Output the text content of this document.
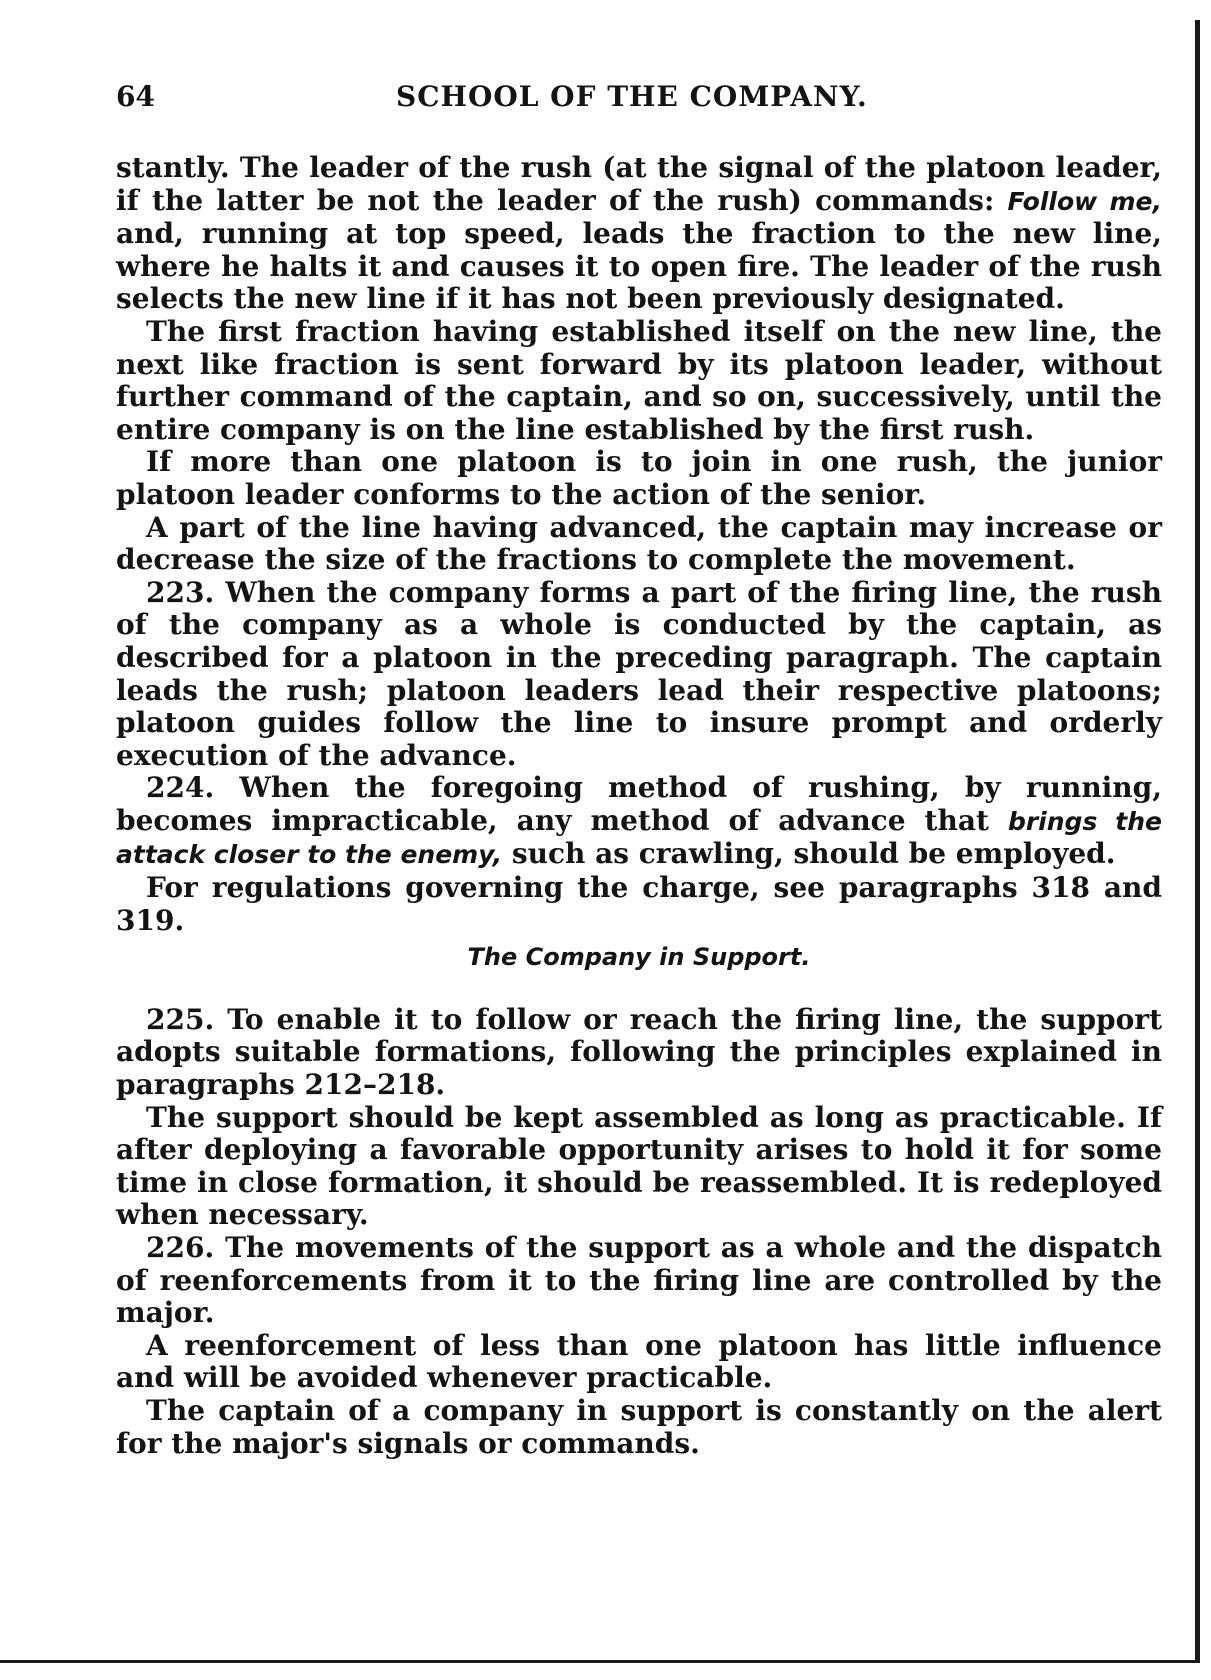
64	SCHOOL OF THE COMPANY.

stantly. The leader of the rush (at the signal of the platoon leader, if the latter be not the leader of the rush) commands: Follow me, and, running at top speed, leads the fraction to the new line, where he halts it and causes it to open fire. The leader of the rush selects the new line if it has not been previously designated.

The first fraction having established itself on the new line, the next like fraction is sent forward by its platoon leader, without further command of the captain, and so on, successively, until the entire company is on the line established by the first rush.

If more than one platoon is to join in one rush, the junior platoon leader conforms to the action of the senior.

A part of the line having advanced, the captain may increase or decrease the size of the fractions to complete the movement.

223. When the company forms a part of the firing line, the rush of the company as a whole is conducted by the captain, as described for a platoon in the preceding paragraph. The captain leads the rush; platoon leaders lead their respective platoons; platoon guides follow the line to insure prompt and orderly execution of the advance.

224. When the foregoing method of rushing, by running, becomes impracticable, any method of advance that brings the attack closer to the enemy, such as crawling, should be employed.

For regulations governing the charge, see paragraphs 318 and 319.

The Company in Support.

225. To enable it to follow or reach the firing line, the support adopts suitable formations, following the principles explained in paragraphs 212–218.

The support should be kept assembled as long as practicable. If after deploying a favorable opportunity arises to hold it for some time in close formation, it should be reassembled. It is redeployed when necessary.

226. The movements of the support as a whole and the dispatch of reenforcements from it to the firing line are controlled by the major.

A reenforcement of less than one platoon has little influence and will be avoided whenever practicable.

The captain of a company in support is constantly on the alert for the major's signals or commands.
